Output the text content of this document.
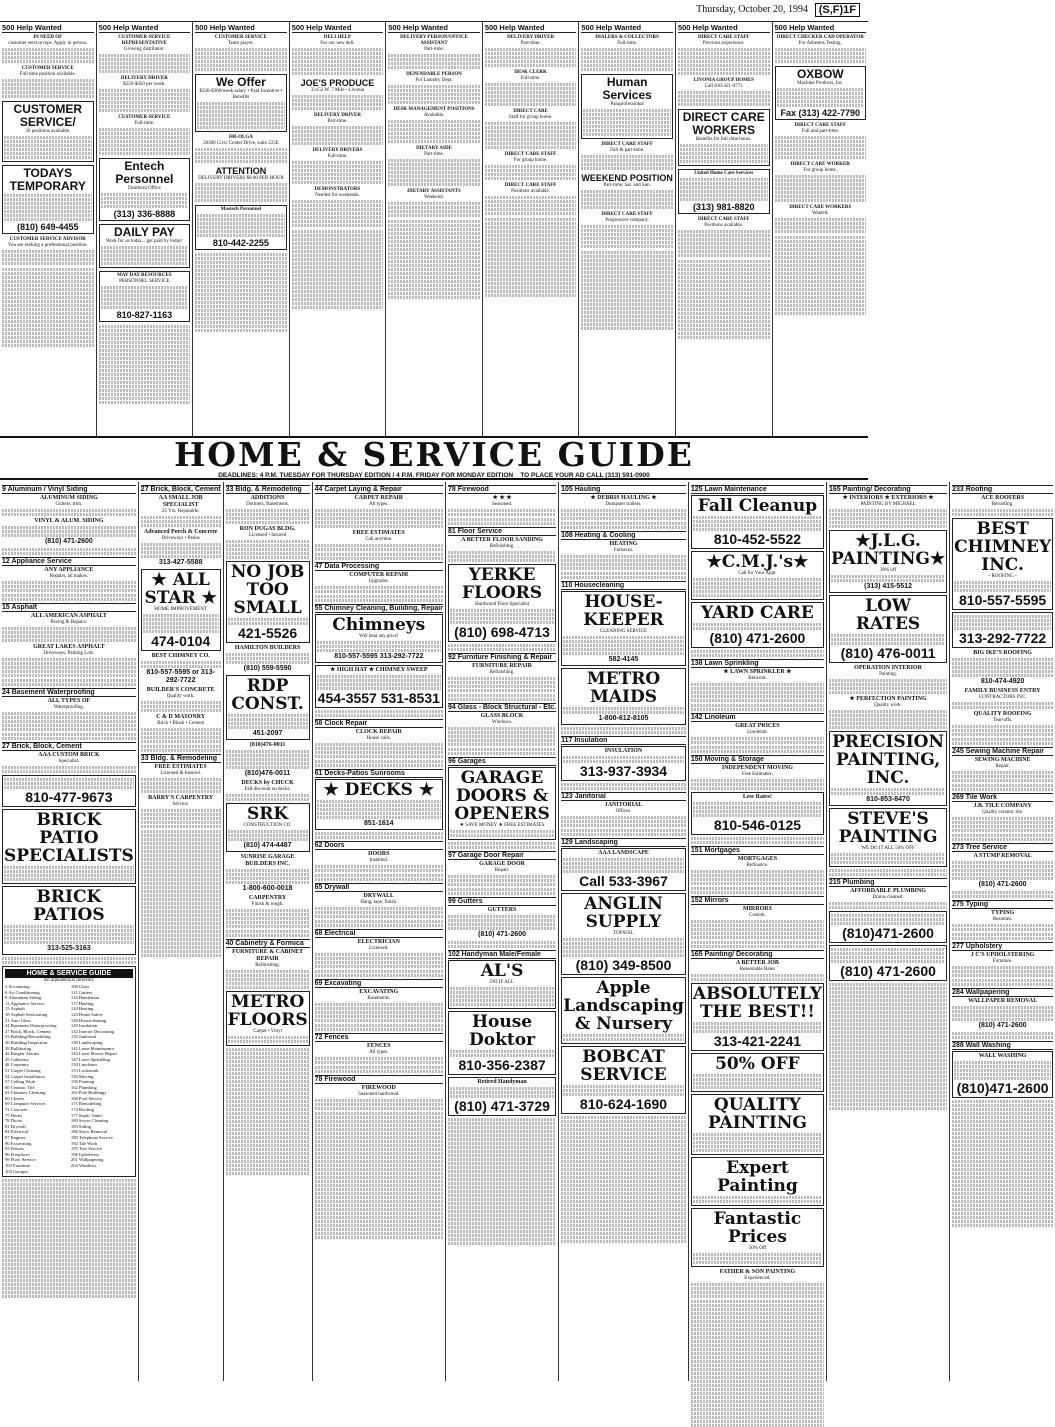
Thursday, October 20, 1994 (S,F)1F
500 Help Wanted
IN NEED OF
customer service reps. Apply in person.
CUSTOMER SERVICE
Full time position available.
CUSTOMER SERVICE/
30 positions available.
TODAYS TEMPORARY
(810) 649-4455
CUSTOMER SERVICE ADVISOR
You are seeking a professional position.
500 Help Wanted
CUSTOMER SERVICE REPRESENTATIVE
Growing distributor.
DELIVERY DRIVER
$250-$450 per week.
CUSTOMER SERVICE
Full-time.
Entech Personnel
Dearborn Office
(313) 336-8888
DAILY PAY
Work for us today... get paid by today!
MAY DAY RESOURCES
PERSONNEL SERVICE
810-827-1163
500 Help Wanted
CUSTOMER SERVICE
Team player.
We Offer
$320-$360/week salary • Paid Incentive • Benefits
HR-OLGA
20300 Civic Center Drive, suite 225E
ATTENTION
DELIVERY DRIVERS $8.00 PER HOUR
Mastech Personnel
810-442-2255
500 Help Wanted
DELI HELP
For our new deli.
JOE'S PRODUCE
33152 W. 7 Mile - Livonia
DELIVERY DRIVER
Part-time.
DELIVERY DRIVERS
Full-time.
DEMONSTRATORS
Needed for weekends.
500 Help Wanted
DELIVERY PERSON/OFFICE ASSISTANT
Part-time.
DEPENDABLE PERSON
For Laundry Dept.
DESK MANAGEMENT POSITIONS
Available.
DIETARY AIDE
Part-time.
DIETARY ASSISTANTS
Weekend.
500 Help Wanted
DELIVERY DRIVER
Part-time.
DESK CLERK
Full-time.
DIRECT CARE
Staff for group home.
DIRECT CARE STAFF
For group home.
DIRECT CARE STAFF
Positions available.
500 Help Wanted
DIALERS & COLLECTORS
Full-time.
Human Services
Paraprofessional
DIRECT CARE STAFF
Full & part-time.
WEEKEND POSITION
Part-time, Sat. and Sun.
DIRECT CARE STAFF
Progressive company.
500 Help Wanted
DIRECT CARE STAFF
Previous experience.
LIVONIA GROUP HOMES
Call 810-421-0773
DIRECT CARE WORKERS
Benefits for full time hours.
United Home Care Services
(313) 981-8820
DIRECT CARE STAFF
Positions available.
500 Help Wanted
DIRECT CHECKER CAD OPERATOR
For Asbestos Testing.
OXBOW
Machine Products, Inc.
Fax (313) 422-7790
DIRECT CARE STAFF
Full and part-time.
DIRECT CARE WORKER
For group home.
DIRECT CARE WORKERS
Wanted.
HOME & SERVICE GUIDE
DEADLINES: 4 P.M. TUESDAY FOR THURSDAY EDITION / 4 P.M. FRIDAY FOR MONDAY EDITION TO PLACE YOUR AD CALL (313) 591-0900
9 Aluminum / Vinyl Siding
ALUMINUM SIDING
Gutters, trim.
VINYL & ALUM. SIDING
(810) 471-2600
12 Appliance Service
ANY APPLIANCE
Repairs, all makes.
15 Asphalt
ALL AMERICAN ASPHALT
Paving & Repairs.
GREAT LAKES ASPHALT
Driveways, Parking Lots.
24 Basement Waterproofing
ALL TYPES OF
Waterproofing.
27 Brick, Block, Cement
AAA CUSTOM BRICK
Specialist.
810-477-9673
BRICK PATIO SPECIALISTS
BRICK PATIOS
313-525-3163
HOME & SERVICE GUIDE
An alphabetical directory
3 Accounting
6 Air Conditioning
9 Aluminum Siding
12 Appliance Service
15 Asphalt
18 Asphalt Sealcoating
21 Auto Glass
24 Basement Waterproofing
27 Brick, Block, Cement
33 Building/Remodeling
36 Building Inspection
39 Bulldozing
42 Burglar Alarms
45 Cabinetry
48 Carpentry
51 Carpet Cleaning
54 Carpet Installation
57 Ceiling Work
60 Ceramic Tile
63 Chimney Cleaning
66 Closets
69 Computer Services
72 Concrete
75 Decks
78 Doors
81 Drywall
84 Electrical
87 Engines
90 Excavating
93 Fences
96 Fireplaces
99 Floor Service
102 Furniture
105 Garages
108 Glass
111 Gutters
114 Handyman
117 Hauling
120 Heating
123 Home Safety
126 Housecleaning
129 Insulation
132 Interior Decorating
135 Janitorial
138 Landscaping
141 Lawn Maintenance
144 Lawn Mower Repair
147 Lawn Sprinkling
150 Linoleum
153 Locksmith
156 Moving
159 Painting
162 Plumbing
165 Pole Buildings
168 Pool Service
171 Remodeling
174 Roofing
177 Septic Tanks
180 Sewer Cleaning
183 Siding
186 Snow Removal
189 Telephone Service
192 Tile Work
195 Tree Service
198 Upholstery
201 Wallpapering
204 Windows
27 Brick, Block, Cement
AA SMALL JOB SPECIALIST
25 Yrs. Reputable.
Advanced Porch & Concrete
Driveways • Patios
313-427-5588
★ ALL STAR ★
HOME IMPROVEMENT
474-0104
BEST CHIMNEY CO.
810-557-5595 or 313-292-7722
BUILDER'S CONCRETE
Quality work.
C & D MASONRY
Brick • Block • Cement
33 Bldg. & Remodeling
FREE ESTIMATES
Licensed & Insured.
BARRY'S CARPENTRY
Service.
33 Bldg. & Remodeling
ADDITIONS
Dormers, Basements.
RON DUGAS BLDG.
Licensed • Insured
NO JOB TOO SMALL
421-5526
HAMILTON BUILDERS
(810) 559-5590
RDP CONST.
451-2097
(810)476-0011
(810)476-0011
DECKS by CHUCK
Fall discount on decks.
SRK
CONSTRUCTION CO.
(810) 474-4487
SUNRISE GARAGE BUILDERS INC.
1-800-600-0018
CARPENTRY
Finish & rough.
40 Cabinetry & Formica
FURNITURE & CABINET REPAIR
Refinishing.
METRO FLOORS
Carpet • Vinyl
44 Carpet Laying & Repair
CARPET REPAIR
All types.
FREE ESTIMATES
Call anytime.
47 Data Processing
COMPUTER REPAIR
Upgrades.
55 Chimney Cleaning, Building, Repair
Chimneys
Will beat any price!
810-557-5595 313-292-7722
★ HIGH HAT ★ CHIMNEY SWEEP
454-3557 531-8531
58 Clock Repair
CLOCK REPAIR
House calls.
61 Decks-Patios Sunrooms
★ DECKS ★
851-1614
62 Doors
DOORS
Installed.
65 Drywall
DRYWALL
Hang, tape, finish.
68 Electrical
ELECTRICIAN
Licensed.
69 Excavating
EXCAVATING
Basements.
72 Fences
FENCES
All types.
78 Firewood
FIREWOOD
Seasoned hardwood.
78 Firewood
★ ★ ★
Seasoned.
81 Floor Service
A BETTER FLOOR SANDING
Refinishing.
YERKE FLOORS
Hardwood Floor Specialist
(810) 698-4713
92 Furniture Finishing & Repair
FURNITURE REPAIR
Refinishing.
94 Glass - Block Structural - Etc.
GLASS BLOCK
Windows.
96 Garages
GARAGE DOORS & OPENERS
★ SAVE MONEY ★ FREE ESTIMATES
97 Garage Door Repair
GARAGE DOOR
Repair.
99 Gutters
GUTTERS
(810) 471-2600
102 Handyman Male/Female
AL'S
DO IT ALL
House Doktor
810-356-2387
Retired Handyman
(810) 471-3729
105 Hauling
★ DEBRIS HAULING ★
Dumpster trailers.
108 Heating & Cooling
HEATING
Furnaces.
110 Housecleaning
HOUSE-KEEPER
CLEANING SERVICE
582-4145
METRO MAIDS
1-800-612-8105
117 Insulation
INSULATION
313-937-3934
123 Janitorial
JANITORIAL
Offices.
129 Landscaping
AAA LANDSCAPE
Call 533-3967
ANGLIN SUPPLY
TOPSOIL
(810) 349-8500
Apple Landscaping & Nursery
BOBCAT SERVICE
810-624-1690
125 Lawn Maintenance
Fall Cleanup
810-452-5522
★C.M.J.'s★
Call for Your Appt.
YARD CARE
(810) 471-2600
138 Lawn Sprinkling
★ LAWN SPRINKLER ★
Blowout.
142 Linoleum
GREAT PRICES
Linoleum.
150 Moving & Storage
INDEPENDENT MOVING
Free Estimates.
Low Rates!
810-546-0125
151 Mortgages
MORTGAGES
Refinance.
152 Mirrors
MIRRORS
Custom.
165 Painting/ Decorating
A BETTER JOB
Reasonable Rates
ABSOLUTELY THE BEST!!
313-421-2241
50% OFF
QUALITY PAINTING
Expert Painting
Fantastic Prices
50% Off
FATHER & SON PAINTING
Experienced.
165 Painting/ Decorating
★ INTERIORS ★ EXTERIORS ★
PAINTING BY MICHAEL
★J.L.G. PAINTING★
30% off
(313) 415-5512
LOW RATES
(810) 476-0011
OPERATION INTERIOR
Painting.
★ PERFECTION PAINTING
Quality work.
PRECISION PAINTING, INC.
810-853-8470
STEVE'S PAINTING
WE DO IT ALL 50% OFF
215 Plumbing
AFFORDABLE PLUMBING
Drains cleaned.
(810)471-2600
(810) 471-2600
233 Roofing
ACE ROOFERS
Reroofing.
BEST CHIMNEY INC.
- ROOFING -
810-557-5595
313-292-7722
BIG IKE'S ROOFING
810-474-4920
FAMILY BUSINESS ENTRY
CONTRACTORS INC.
QUALITY ROOFING
Tear-offs.
245 Sewing Machine Repair
SEWING MACHINE
Repair.
269 Tile Work
J.B. TILE COMPANY
Quality ceramic tile.
273 Tree Service
A STUMP REMOVAL
(810) 471-2600
275 Typing
TYPING
Resumes.
277 Upholstery
J C'S UPHOLSTERING
Furniture.
284 Wallpapering
WALLPAPER REMOVAL
(810) 471-2600
288 Wall Washing
WALL WASHING
(810)471-2600
